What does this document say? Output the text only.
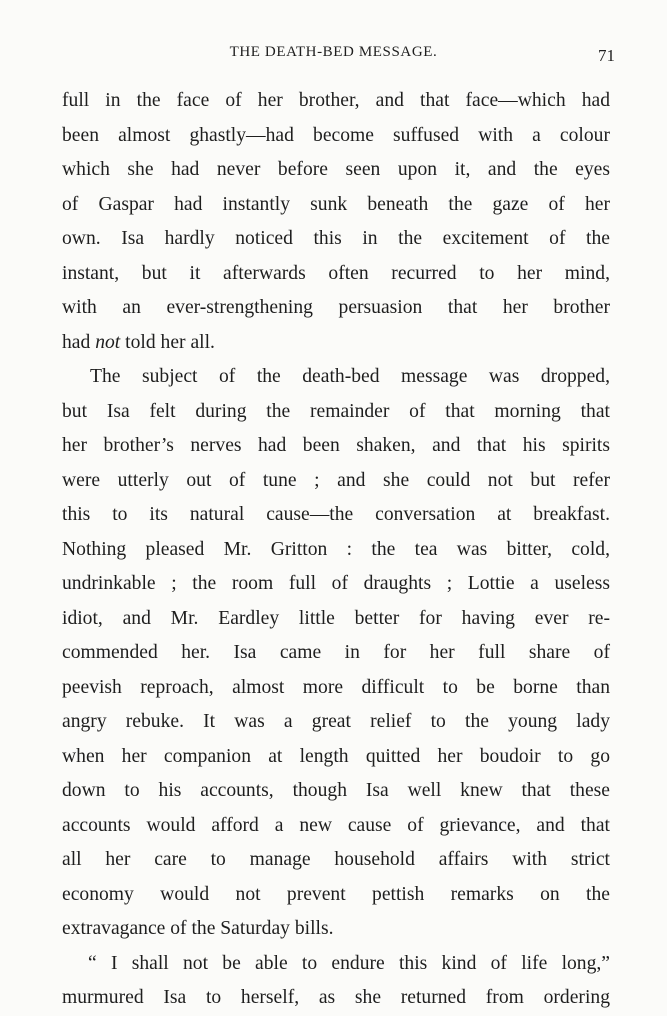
THE DEATH-BED MESSAGE.	71
full in the face of her brother, and that face—which had
been almost ghastly—had become suffused with a colour
which she had never before seen upon it, and the eyes
of Gaspar had instantly sunk beneath the gaze of her
own. Isa hardly noticed this in the excitement of the
instant, but it afterwards often recurred to her mind,
with an ever-strengthening persuasion that her brother
had not told her all.
The subject of the death-bed message was dropped,
but Isa felt during the remainder of that morning that
her brother’s nerves had been shaken, and that his spirits
were utterly out of tune ; and she could not but refer
this to its natural cause—the conversation at breakfast.
Nothing pleased Mr. Gritton : the tea was bitter, cold,
undrinkable ; the room full of draughts ; Lottie a useless
idiot, and Mr. Eardley little better for having ever re-
commended her. Isa came in for her full share of
peevish reproach, almost more difficult to be borne than
angry rebuke. It was a great relief to the young lady
when her companion at length quitted her boudoir to go
down to his accounts, though Isa well knew that these
accounts would afford a new cause of grievance, and that
all her care to manage household affairs with strict
economy would not prevent pettish remarks on the
extravagance of the Saturday bills.
“ I shall not be able to endure this kind of life long,”
murmured Isa to herself, as she returned from ordering
